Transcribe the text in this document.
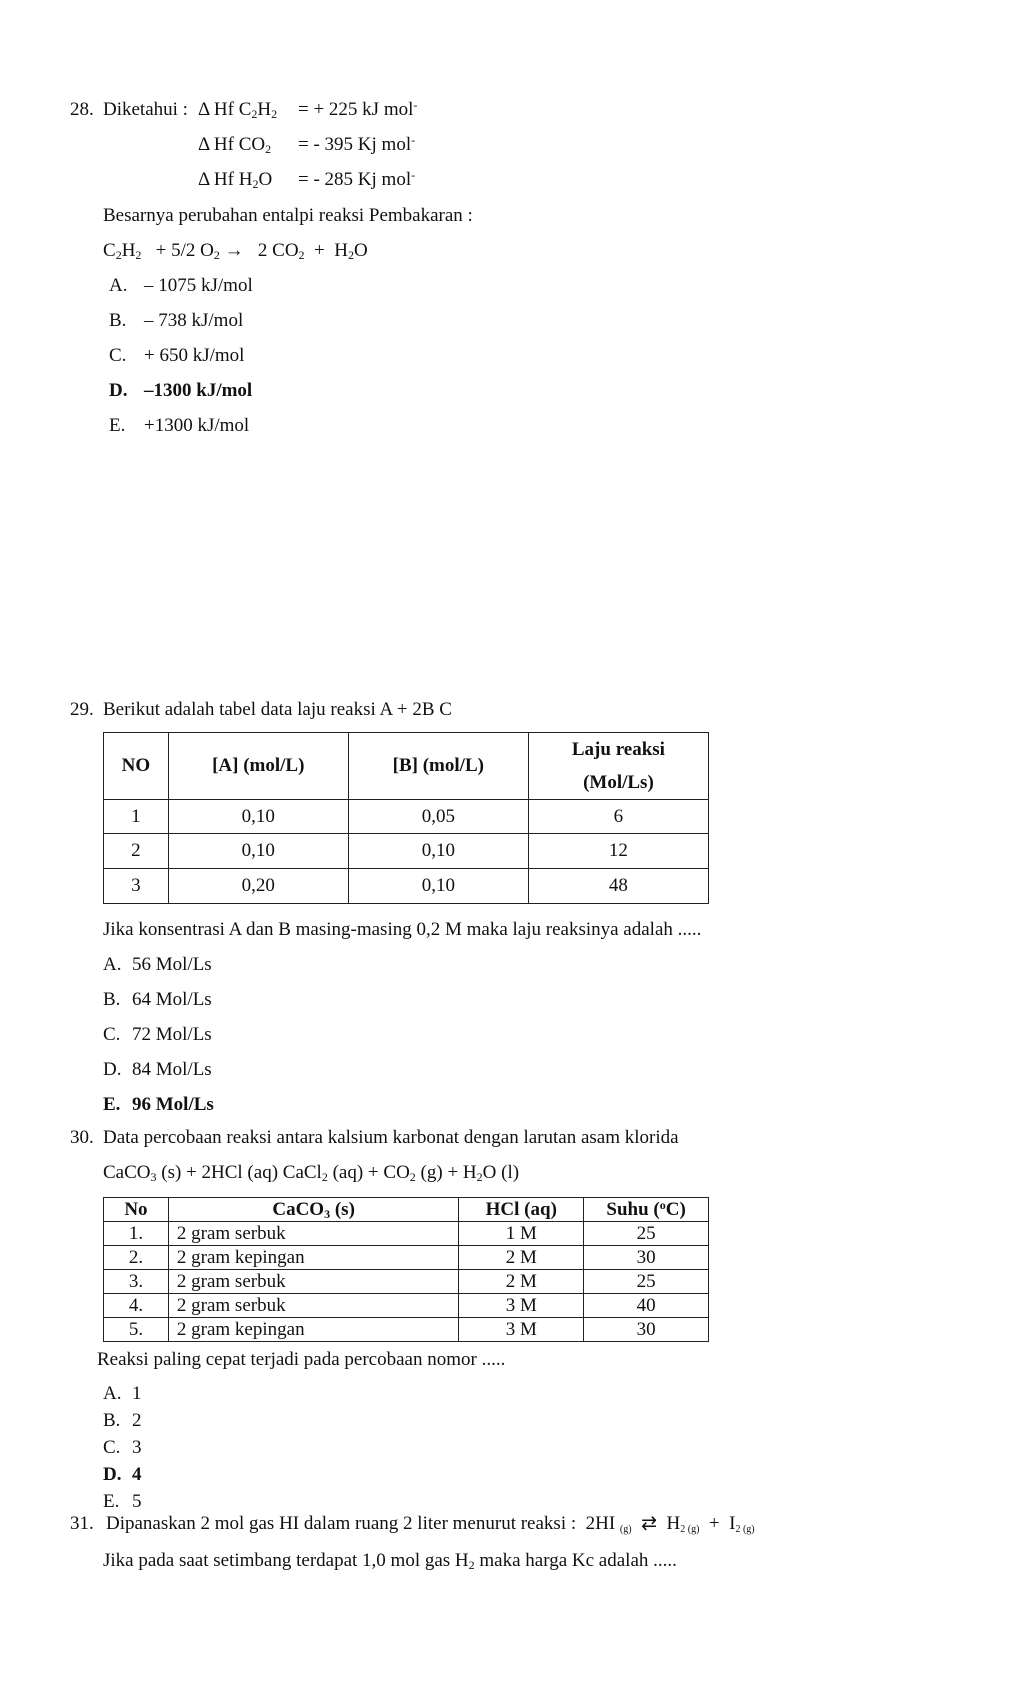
28. Diketahui : Δ Hf $C_2H_2$ = + 225 kJ mol-
Δ Hf $CO_2$ = - 395 Kj mol-
Δ Hf $H_2O$ = - 285 Kj mol-
Besarnya perubahan entalpi reaksi Pembakaran :
$C_2H_2 + 5/2$ $O_2 \to 2$ $CO_2 + H_2O$
29. Berikut adalah tabel data laju reaksi A + 2B C
NO	[A] (mol/L)	[B] (mol/L)	Laju reaksi
(Mol/Ls)

1	0,10	0,05	6
2	0,10	0,10	12
3	0,20	0,10	48
Jika konsentrasi A dan B masing-masing 0,2 M maka laju reaksinya adalah .....
30. Data percobaan reaksi antara kalsium karbonat dengan larutan asam klorida
CaCO$_3$ (s) + 2HCl (aq) CaCl$_2$ $(aq) + CO_2$ $(g) + H_2O$ (l)
No	CaCO$_3$ (s)	HCl (aq)	Suhu ($^o$C)
1.	2 gram serbuk	1 M	25
2.	2 gram kepingan	2 M	30
3.	2 gram serbuk	2 M	25
4.	2 gram serbuk	3 M	40
5.	2 gram kepingan	3 M	30
Reaksi paling cepat terjadi pada percobaan nomor .....
31. Dipanaskan 2 mol gas HI dalam ruang 2 liter menurut reaksi :  2HI (g)  ⇄  H2 (g)  +  I2 (g)
Jika pada saat setimbang terdapat 1,0 mol gas $H_2$ maka harga Kc adalah .....
A. – 1075 kJ/mol
B. – 738 kJ/mol
C. + 650 kJ/mol
D. –1300 kJ/mol
E. +1300 kJ/mol
A. 56 Mol/Ls
B. 64 Mol/Ls
C. 72 Mol/Ls
D. 84 Mol/Ls
E. 96 Mol/Ls
A. 1
B. 2
C. 3
D. 4
E. 5
